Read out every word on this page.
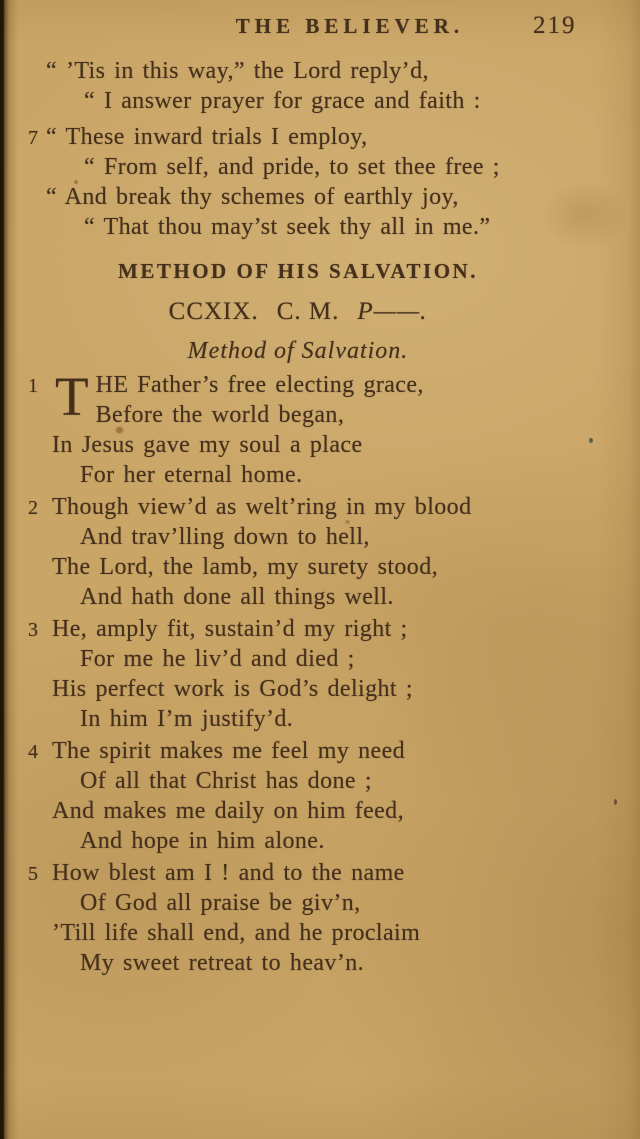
THE BELIEVER.	219
“ ’Tis in this way,” the Lord reply’d,
“ I answer prayer for grace and faith :
7 “ These inward trials I employ,
“ From self, and pride, to set thee free ;
“ And break thy schemes of earthly joy,
“ That thou may’st seek thy all in me.”
METHOD OF HIS SALVATION.
CCXIX. C. M. P——.
Method of Salvation.
1 T HE Father’s free electing grace,
Before the world began,
In Jesus gave my soul a place
For her eternal home.
2 Though view’d as welt’ring in my blood
And trav’lling down to hell,
The Lord, the lamb, my surety stood,
And hath done all things well.
3 He, amply fit, sustain’d my right ;
For me he liv’d and died ;
His perfect work is God’s delight ;
In him I’m justify’d.
4 The spirit makes me feel my need
Of all that Christ has done ;
And makes me daily on him feed,
And hope in him alone.
5 How blest am I ! and to the name
Of God all praise be giv’n,
’Till life shall end, and he proclaim
My sweet retreat to heav’n.
